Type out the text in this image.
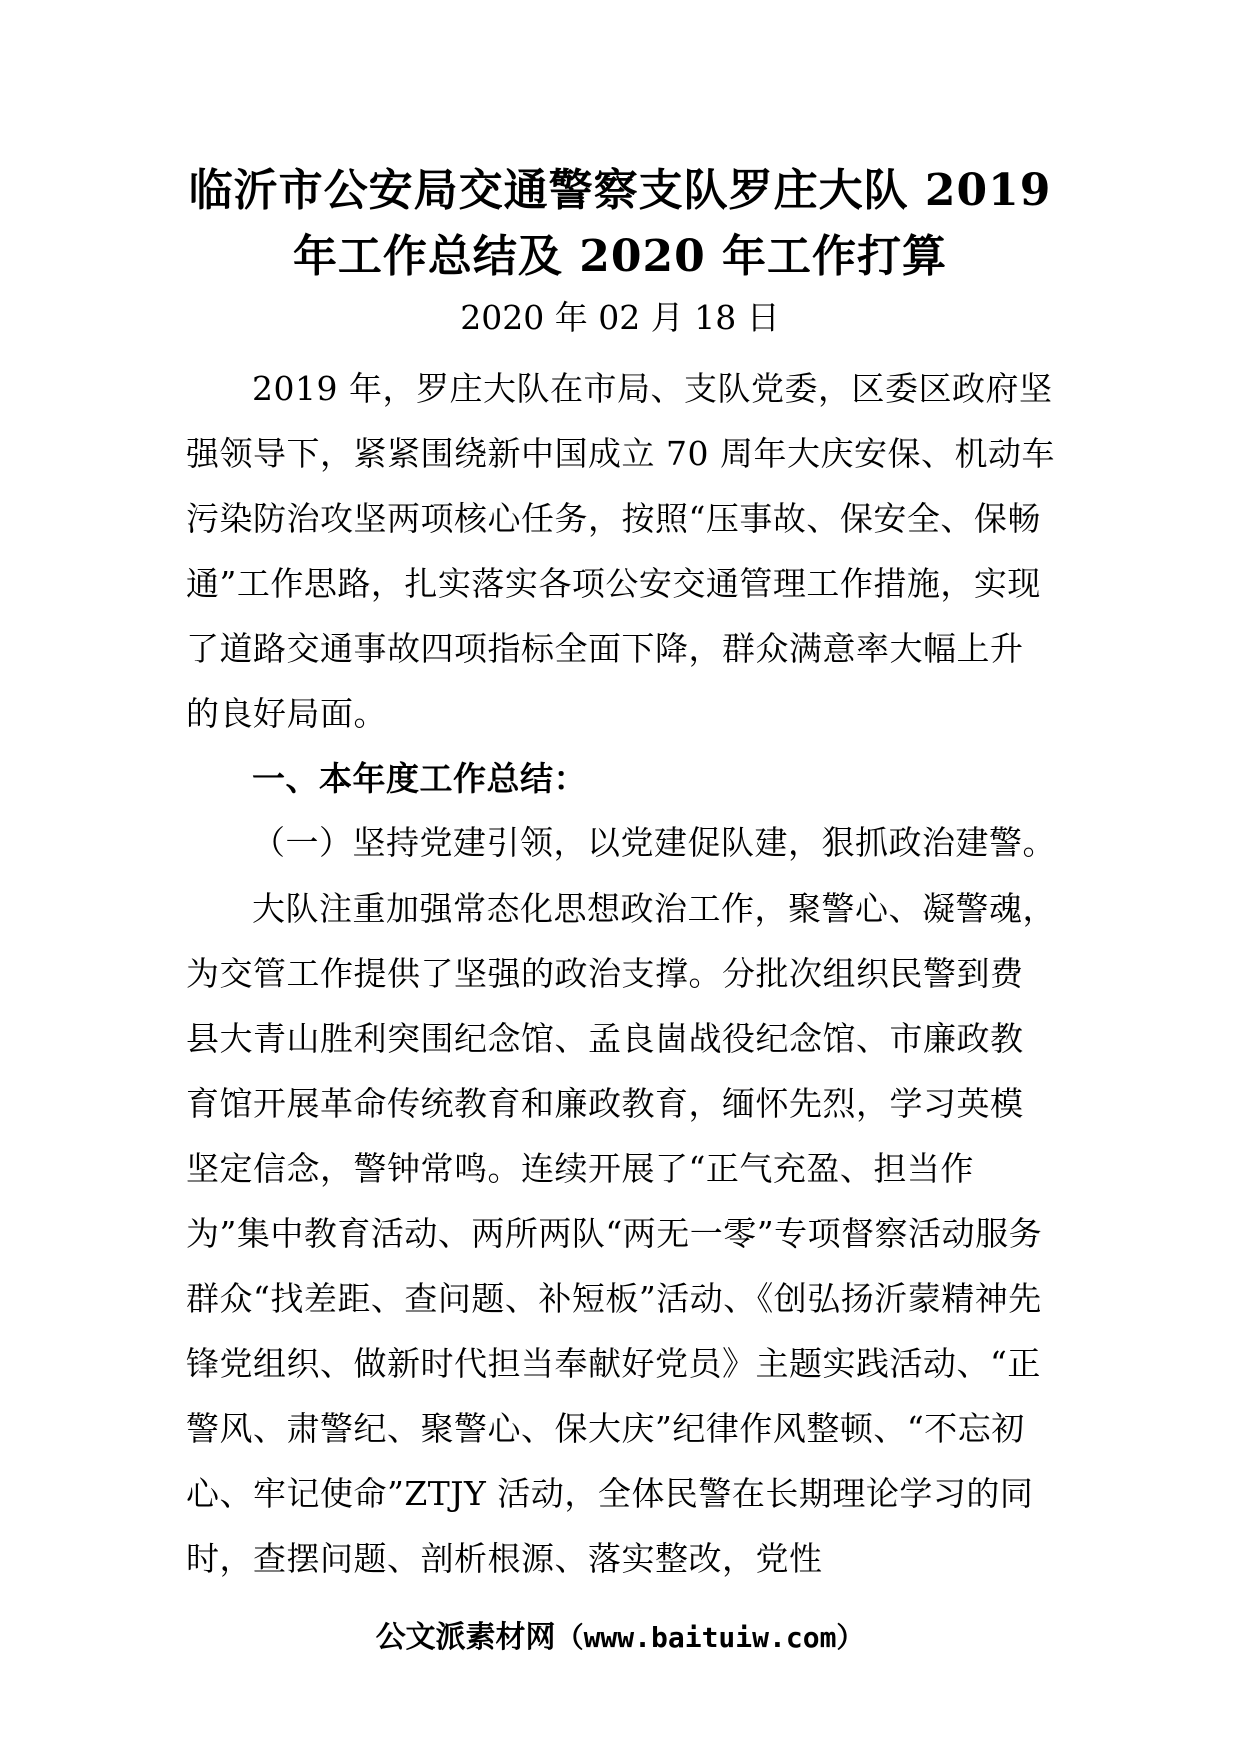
临沂市公安局交通警察支队罗庄大队 2019
年工作总结及 2020 年工作打算
2020 年 02 月 18 日

2019 年，罗庄大队在市局、支队党委，区委区政府坚强领导下，紧紧围绕新中国成立 70 周年大庆安保、机动车污染防治攻坚两项核心任务，按照“压事故、保安全、保畅通”工作思路，扎实落实各项公安交通管理工作措施，实现了道路交通事故四项指标全面下降，群众满意率大幅上升的良好局面。

一、本年度工作总结：

（一）坚持党建引领，以党建促队建，狠抓政治建警。

大队注重加强常态化思想政治工作，聚警心、凝警魂，为交管工作提供了坚强的政治支撑。分批次组织民警到费县大青山胜利突围纪念馆、孟良崮战役纪念馆、市廉政教育馆开展革命传统教育和廉政教育，缅怀先烈，学习英模坚定信念，警钟常鸣。连续开展了“正气充盈、担当作为”集中教育活动、两所两队“两无一零”专项督察活动服务群众“找差距、查问题、补短板”活动、《创弘扬沂蒙精神先锋党组织、做新时代担当奉献好党员》主题实践活动、“正警风、肃警纪、聚警心、保大庆”纪律作风整顿、“不忘初心、牢记使命”ZTJY 活动，全体民警在长期理论学习的同时，查摆问题、剖析根源、落实整改，党性

公文派素材网（www.baituiw.com）
